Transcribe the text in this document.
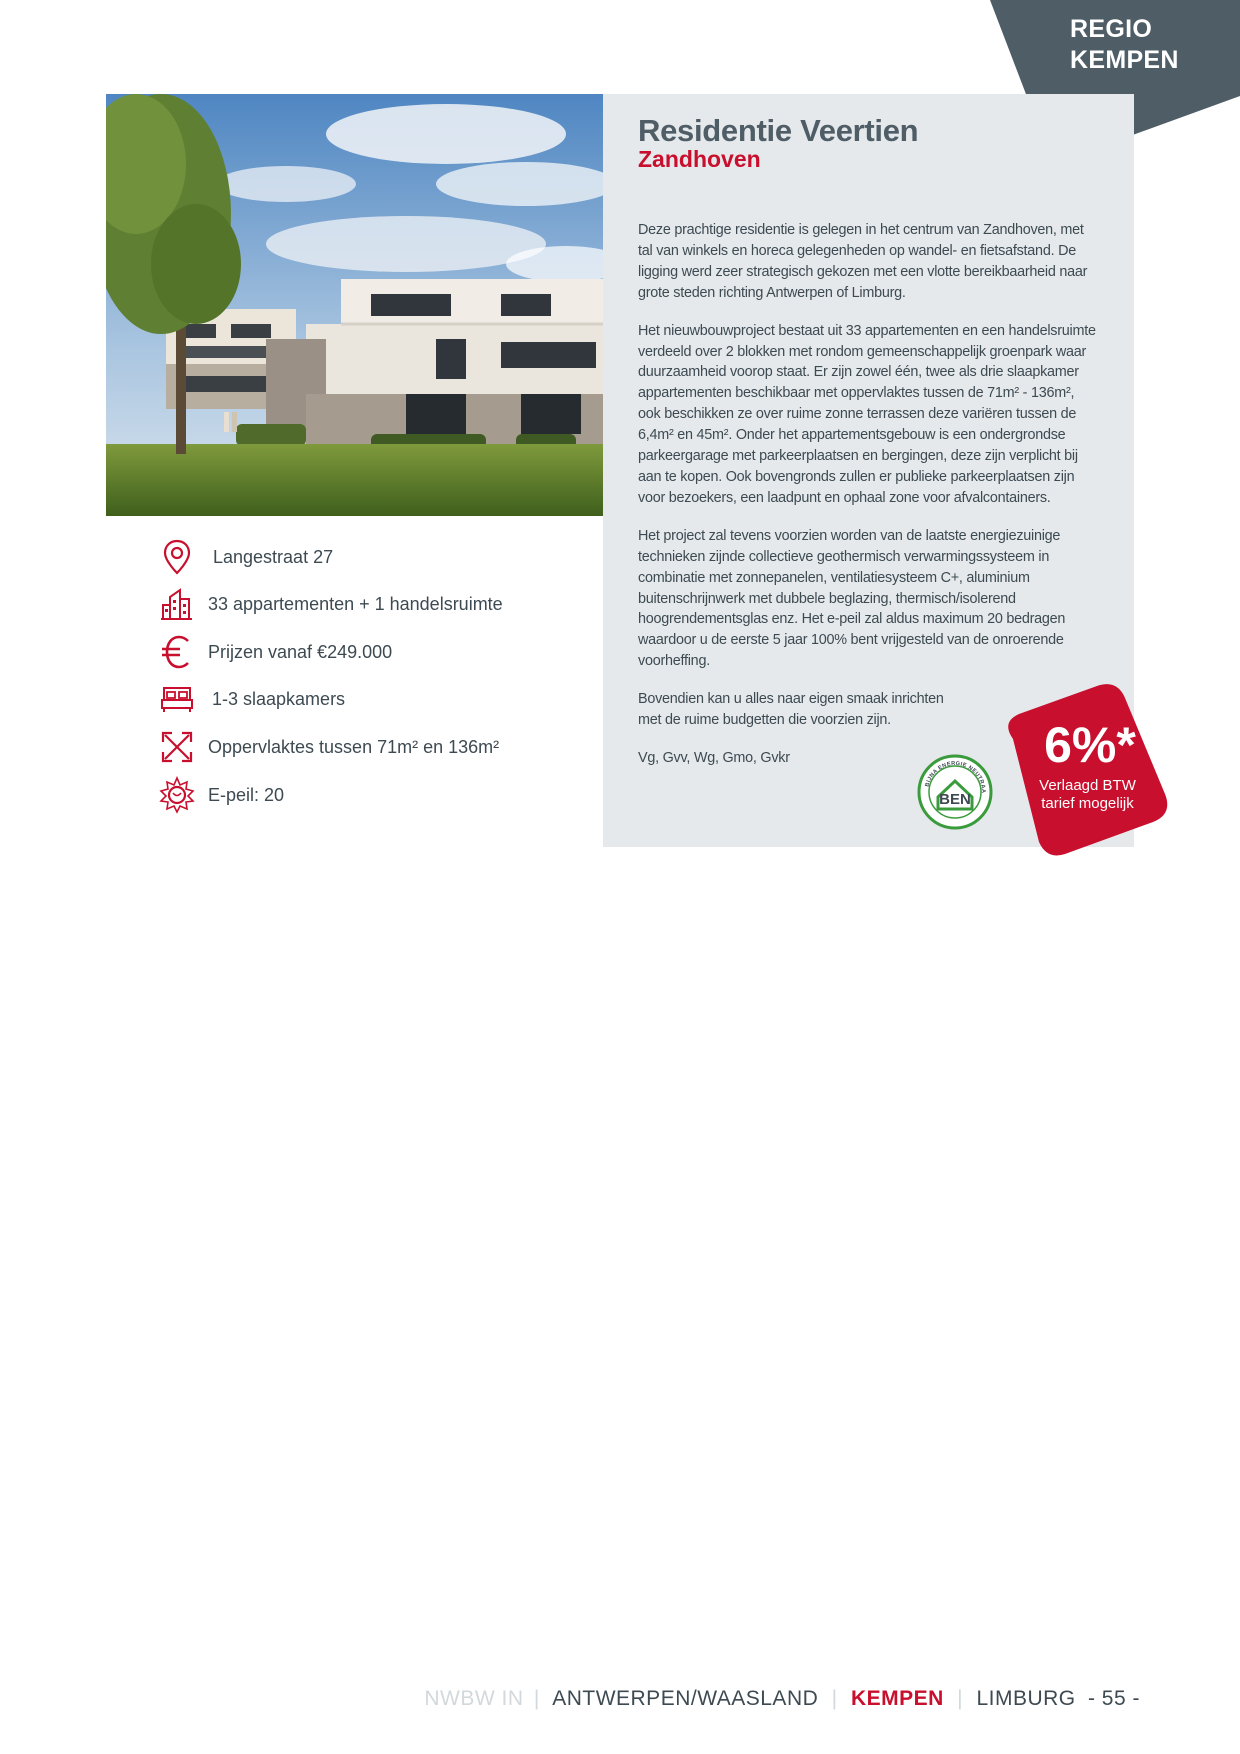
REGIO
KEMPEN
Residentie Veertien
Zandhoven

Deze prachtige residentie is gelegen in het centrum van Zandhoven, met tal van winkels en horeca gelegenheden op wandel- en fietsafstand. De ligging werd zeer strategisch gekozen met een vlotte bereikbaarheid naar grote steden richting Antwerpen of Limburg.

Het nieuwbouwproject bestaat uit 33 appartementen en een handelsruimte verdeeld over 2 blokken met rondom gemeenschappelijk groenpark waar duurzaamheid voorop staat. Er zijn zowel één, twee als drie slaapkamer appartementen beschikbaar met oppervlaktes tussen de 71m² - 136m², ook beschikken ze over ruime zonne terrassen deze variëren tussen de 6,4m² en 45m². Onder het appartementsgebouw is een ondergrondse parkeergarage met parkeerplaatsen en bergingen, deze zijn verplicht bij aan te kopen. Ook bovengronds zullen er publieke parkeerplaatsen zijn voor bezoekers, een laadpunt en ophaal zone voor afvalcontainers.

Het project zal tevens voorzien worden van de laatste energiezuinige technieken zijnde collectieve geothermisch verwarmingssysteem in combinatie met zonnepanelen, ventilatiesysteem C+, aluminium buitenschrijnwerk met dubbele beglazing, thermisch/isolerend hoogrendementsglas enz. Het e-peil zal aldus maximum 20 bedragen waardoor u de eerste 5 jaar 100% bent vrijgesteld van de onroerende voorheffing.

Bovendien kan u alles naar eigen smaak inrichten met de ruime budgetten die voorzien zijn.

Vg, Gvv, Wg, Gmo, Gvkr

Langestraat 27
33 appartementen + 1 handelsruimte
Prijzen vanaf €249.000
1-3 slaapkamers
Oppervlaktes tussen 71m² en 136m²
E-peil: 20	BEN
BIJNA ENERGIE NEUTRAA
6%*
Verlaagd BTW
tarief mogelijk
NWBW IN | ANTWERPEN/WAASLAND | KEMPEN | LIMBURG - 55 -
